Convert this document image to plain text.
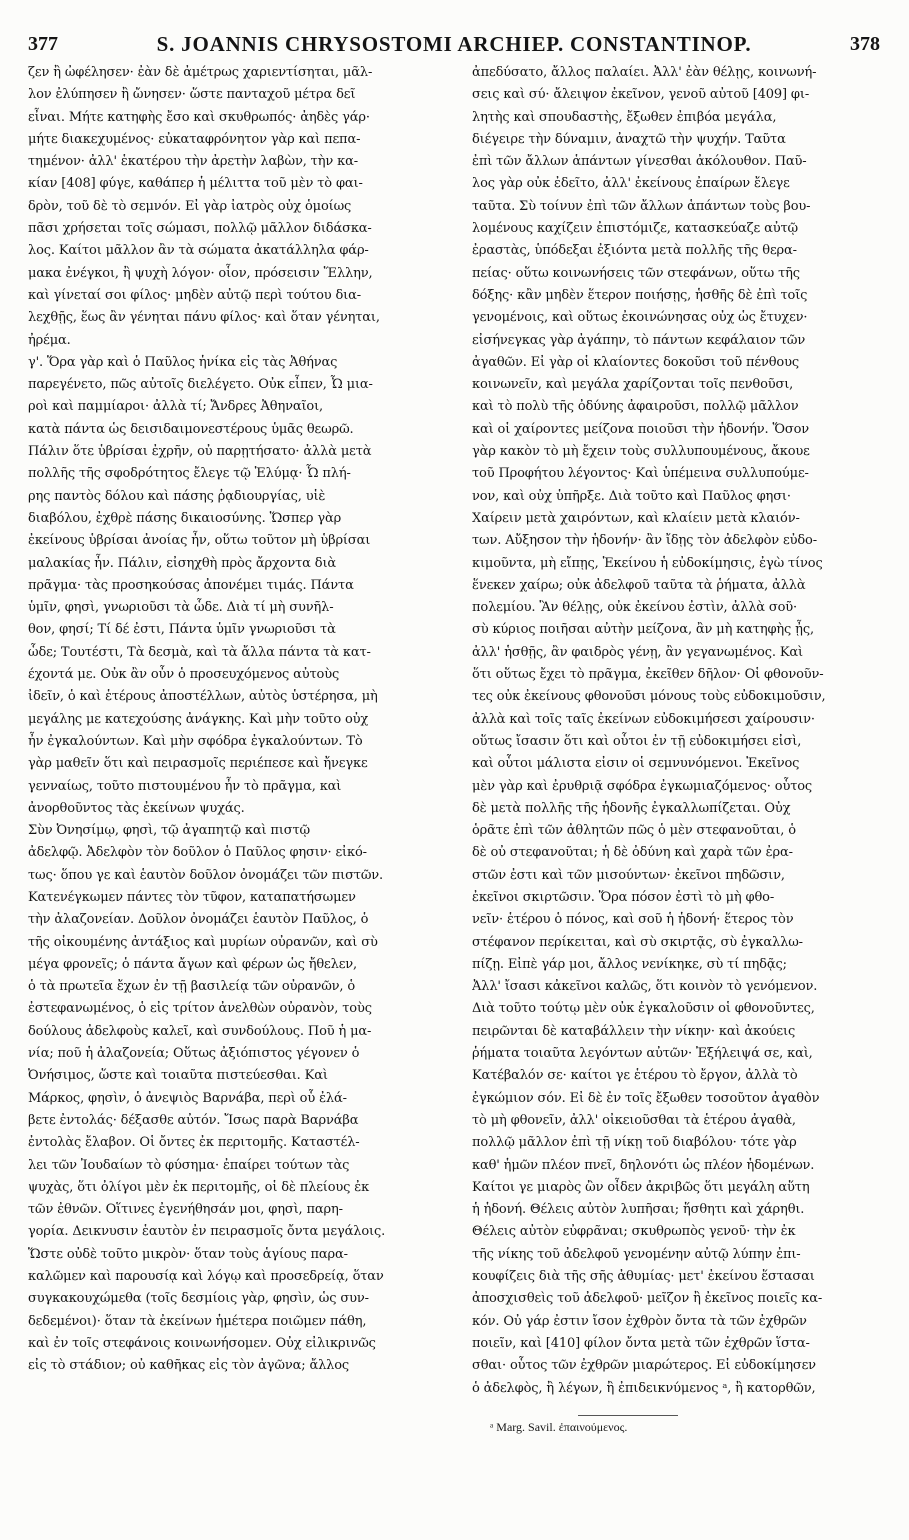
377	S. JOANNIS CHRYSOSTOMI ARCHIEP. CONSTANTINOP.	378
ζεν ἢ ὠφέλησεν· ἐὰν δὲ ἀμέτρως χαριεντίσηται, μᾶλ-
λον ἐλύπησεν ἢ ὤνησεν· ὥστε πανταχοῦ μέτρα δεῖ
εἶναι. Μήτε κατηφὴς ἔσο καὶ σκυθρωπός· ἀηδὲς γάρ·
μήτε διακεχυμένος· εὐκαταφρόνητον γὰρ καὶ πεπα-
τημένον· ἀλλ' ἑκατέρου τὴν ἀρετὴν λαβὼν, τὴν κα-
κίαν [408] φύγε, καθάπερ ἡ μέλιττα τοῦ μὲν τὸ φαι-
δρὸν, τοῦ δὲ τὸ σεμνόν. Εἰ γὰρ ἰατρὸς οὐχ ὁμοίως
πᾶσι χρήσεται τοῖς σώμασι, πολλῷ μᾶλλον διδάσκα-
λος. Καίτοι μᾶλλον ἂν τὰ σώματα ἀκατάλληλα φάρ-
μακα ἐνέγκοι, ἢ ψυχὴ λόγον· οἷον, πρόσεισιν Ἕλλην,
καὶ γίνεταί σοι φίλος· μηδὲν αὐτῷ περὶ τούτου δια-
λεχθῇς, ἕως ἂν γένηται πάνυ φίλος· καὶ ὅταν γένηται,
ἠρέμα.
γ'. Ὅρα γὰρ καὶ ὁ Παῦλος ἡνίκα εἰς τὰς Ἀθήνας
παρεγένετο, πῶς αὐτοῖς διελέγετο. Οὐκ εἶπεν, Ὦ μια-
ροὶ καὶ παμμίαροι· ἀλλὰ τί; Ἄνδρες Ἀθηναῖοι,
κατὰ πάντα ὡς δεισιδαιμονεστέρους ὑμᾶς θεωρῶ.
Πάλιν ὅτε ὑβρίσαι ἐχρῆν, οὐ παρῃτήσατο· ἀλλὰ μετὰ
πολλῆς τῆς σφοδρότητος ἔλεγε τῷ Ἐλύμᾳ· Ὦ πλή-
ρης παντὸς δόλου καὶ πάσης ῥᾳδιουργίας, υἱὲ
διαβόλου, ἐχθρὲ πάσης δικαιοσύνης. Ὥσπερ γὰρ
ἐκείνους ὑβρίσαι ἀνοίας ἦν, οὕτω τοῦτον μὴ ὑβρίσαι
μαλακίας ἦν. Πάλιν, εἰσηχθὴ πρὸς ἄρχοντα διὰ
πρᾶγμα· τὰς προσηκούσας ἀπονέμει τιμάς. Πάντα
ὑμῖν, φησὶ, γνωριοῦσι τὰ ὧδε. Διὰ τί μὴ συνῆλ-
θον, φησί; Τί δέ ἐστι, Πάντα ὑμῖν γνωριοῦσι τὰ
ὧδε; Τουτέστι, Τὰ δεσμὰ, καὶ τὰ ἄλλα πάντα τὰ κατ-
έχοντά με. Οὐκ ἂν οὖν ὁ προσευχόμενος αὐτοὺς
ἰδεῖν, ὁ καὶ ἑτέρους ἀποστέλλων, αὐτὸς ὑστέρησα, μὴ
μεγάλης με κατεχούσης ἀνάγκης. Καὶ μὴν τοῦτο οὐχ
ἦν ἐγκαλούντων. Καὶ μὴν σφόδρα ἐγκαλούντων. Τὸ
γὰρ μαθεῖν ὅτι καὶ πειρασμοῖς περιέπεσε καὶ ἤνεγκε
γενναίως, τοῦτο πιστουμένου ἦν τὸ πρᾶγμα, καὶ
ἀνορθοῦντος τὰς ἐκείνων ψυχάς.
Σὺν Ὀνησίμῳ, φησὶ, τῷ ἀγαπητῷ καὶ πιστῷ
ἀδελφῷ. Ἀδελφὸν τὸν δοῦλον ὁ Παῦλος φησιν· εἰκό-
τως· ὅπου γε καὶ ἑαυτὸν δοῦλον ὀνομάζει τῶν πιστῶν.
Κατενέγκωμεν πάντες τὸν τῦφον, καταπατήσωμεν
τὴν ἀλαζονείαν. Δοῦλον ὀνομάζει ἑαυτὸν Παῦλος, ὁ
τῆς οἰκουμένης ἀντάξιος καὶ μυρίων οὐρανῶν, καὶ σὺ
μέγα φρονεῖς; ὁ πάντα ἄγων καὶ φέρων ὡς ἤθελεν,
ὁ τὰ πρωτεῖα ἔχων ἐν τῇ βασιλείᾳ τῶν οὐρανῶν, ὁ
ἐστεφανωμένος, ὁ εἰς τρίτον ἀνελθὼν οὐρανὸν, τοὺς
δούλους ἀδελφοὺς καλεῖ, καὶ συνδούλους. Ποῦ ἡ μα-
νία; ποῦ ἡ ἀλαζονεία; Οὕτως ἀξιόπιστος γέγονεν ὁ
Ὀνήσιμος, ὥστε καὶ τοιαῦτα πιστεύεσθαι. Καὶ
Μάρκος, φησὶν, ὁ ἀνεψιὸς Βαρνάβα, περὶ οὗ ἐλά-
βετε ἐντολάς· δέξασθε αὐτόν. Ἴσως παρὰ Βαρνάβα
ἐντολὰς ἔλαβον. Οἱ ὄντες ἐκ περιτομῆς. Καταστέλ-
λει τῶν Ἰουδαίων τὸ φύσημα· ἐπαίρει τούτων τὰς
ψυχὰς, ὅτι ὀλίγοι μὲν ἐκ περιτομῆς, οἱ δὲ πλείους ἐκ
τῶν ἐθνῶν. Οἵτινες ἐγενήθησάν μοι, φησὶ, παρη-
γορία. Δεικνυσιν ἑαυτὸν ἐν πειρασμοῖς ὄντα μεγάλοις.
Ὥστε οὐδὲ τοῦτο μικρὸν· ὅταν τοὺς ἁγίους παρα-
καλῶμεν καὶ παρουσίᾳ καὶ λόγῳ καὶ προσεδρείᾳ, ὅταν
συγκακουχώμεθα (τοῖς δεσμίοις γὰρ, φησὶν, ὡς συν-
δεδεμένοι)· ὅταν τὰ ἐκείνων ἡμέτερα ποιῶμεν πάθη,
καὶ ἐν τοῖς στεφάνοις κοινωνήσομεν. Οὐχ εἰλικρινῶς
εἰς τὸ στάδιον; οὐ καθῆκας εἰς τὸν ἀγῶνα; ἄλλος
ἀπεδύσατο, ἄλλος παλαίει. Ἀλλ' ἐὰν θέλῃς, κοινωνή-
σεις καὶ σύ· ἄλειψον ἐκεῖνον, γενοῦ αὐτοῦ [409] φι-
λητὴς καὶ σπουδαστὴς, ἔξωθεν ἐπιβόα μεγάλα,
διέγειρε τὴν δύναμιν, ἀναχτῶ τὴν ψυχήν. Ταῦτα
ἐπὶ τῶν ἄλλων ἁπάντων γίνεσθαι ἀκόλουθον. Παῦ-
λος γὰρ οὐκ ἐδεῖτο, ἀλλ' ἐκείνους ἐπαίρων ἔλεγε
ταῦτα. Σὺ τοίνυν ἐπὶ τῶν ἄλλων ἁπάντων τοὺς βου-
λομένους καχίζειν ἐπιστόμιζε, κατασκεύαζε αὐτῷ
ἐραστὰς, ὑπόδεξαι ἐξιόντα μετὰ πολλῆς τῆς θερα-
πείας· οὕτω κοινωνήσεις τῶν στεφάνων, οὕτω τῆς
δόξης· κἂν μηδὲν ἕτερον ποιήσῃς, ἡσθῆς δὲ ἐπὶ τοῖς
γενομένοις, καὶ οὕτως ἐκοινώνησας οὐχ ὡς ἔτυχεν·
εἰσήνεγκας γὰρ ἀγάπην, τὸ πάντων κεφάλαιον τῶν
ἀγαθῶν. Εἰ γὰρ οἱ κλαίοντες δοκοῦσι τοῦ πένθους
κοινωνεῖν, καὶ μεγάλα χαρίζονται τοῖς πενθοῦσι,
καὶ τὸ πολὺ τῆς ὀδύνης ἀφαιροῦσι, πολλῷ μᾶλλον
καὶ οἱ χαίροντες μείζονα ποιοῦσι τὴν ἡδονήν. Ὅσον
γὰρ κακὸν τὸ μὴ ἔχειν τοὺς συλλυπουμένους, ἄκουε
τοῦ Προφήτου λέγοντος· Καὶ ὑπέμεινα συλλυπούμε-
νον, καὶ οὐχ ὑπῆρξε. Διὰ τοῦτο καὶ Παῦλος φησι·
Χαίρειν μετὰ χαιρόντων, καὶ κλαίειν μετὰ κλαιόν-
των. Αὔξησον τὴν ἡδονήν· ἂν ἴδῃς τὸν ἀδελφὸν εὐδο-
κιμοῦντα, μὴ εἴπῃς, Ἐκείνου ἡ εὐδοκίμησις, ἐγὼ τίνος
ἕνεκεν χαίρω; οὐκ ἀδελφοῦ ταῦτα τὰ ῥήματα, ἀλλὰ
πολεμίου. Ἂν θέλῃς, οὐκ ἐκείνου ἐστὶν, ἀλλὰ σοῦ·
σὺ κύριος ποιῆσαι αὐτὴν μείζονα, ἂν μὴ κατηφὴς ᾖς,
ἀλλ' ἡσθῇς, ἂν φαιδρὸς γένῃ, ἂν γεγανωμένος. Καὶ
ὅτι οὕτως ἔχει τὸ πρᾶγμα, ἐκεῖθεν δῆλον· Οἱ φθονοῦν-
τες οὐκ ἐκείνους φθονοῦσι μόνους τοὺς εὐδοκιμοῦσιν,
ἀλλὰ καὶ τοῖς ταῖς ἐκείνων εὐδοκιμήσεσι χαίρουσιν·
οὕτως ἴσασιν ὅτι καὶ οὗτοι ἐν τῇ εὐδοκιμήσει εἰσὶ,
καὶ οὗτοι μάλιστα εἰσιν οἱ σεμνυνόμενοι. Ἐκεῖνος
μὲν γὰρ καὶ ἐρυθριᾷ σφόδρα ἐγκωμιαζόμενος· οὗτος
δὲ μετὰ πολλῆς τῆς ἡδονῆς ἐγκαλλωπίζεται. Οὐχ
ὁρᾶτε ἐπὶ τῶν ἀθλητῶν πῶς ὁ μὲν στεφανοῦται, ὁ
δὲ οὐ στεφανοῦται; ἡ δὲ ὀδύνη καὶ χαρὰ τῶν ἐρα-
στῶν ἐστι καὶ τῶν μισούντων· ἐκεῖνοι πηδῶσιν,
ἐκεῖνοι σκιρτῶσιν. Ὅρα πόσον ἐστὶ τὸ μὴ φθο-
νεῖν· ἑτέρου ὁ πόνος, καὶ σοῦ ἡ ἡδονή· ἕτερος τὸν
στέφανον περίκειται, καὶ σὺ σκιρτᾷς, σὺ ἐγκαλλω-
πίζῃ. Εἰπὲ γάρ μοι, ἄλλος νενίκηκε, σὺ τί πηδᾷς;
Ἀλλ' ἴσασι κἀκεῖνοι καλῶς, ὅτι κοινὸν τὸ γενόμενον.
Διὰ τοῦτο τούτῳ μὲν οὐκ ἐγκαλοῦσιν οἱ φθονοῦντες,
πειρῶνται δὲ καταβάλλειν τὴν νίκην· καὶ ἀκούεις
ῥήματα τοιαῦτα λεγόντων αὐτῶν· Ἐξήλειψά σε, καὶ,
Κατέβαλόν σε· καίτοι γε ἑτέρου τὸ ἔργον, ἀλλὰ τὸ
ἐγκώμιον σόν. Εἰ δὲ ἐν τοῖς ἔξωθεν τοσοῦτον ἀγαθὸν
τὸ μὴ φθονεῖν, ἀλλ' οἰκειοῦσθαι τὰ ἑτέρου ἀγαθὰ,
πολλῷ μᾶλλον ἐπὶ τῇ νίκῃ τοῦ διαβόλου· τότε γὰρ
καθ' ἡμῶν πλέον πνεῖ, δηλονότι ὡς πλέον ἡδομένων.
Καίτοι γε μιαρὸς ὢν οἶδεν ἀκριβῶς ὅτι μεγάλη αὕτη
ἡ ἡδονή. Θέλεις αὐτὸν λυπῆσαι; ἥσθητι καὶ χάρηθι.
Θέλεις αὐτὸν εὐφρᾶναι; σκυθρωπὸς γενοῦ· τὴν ἐκ
τῆς νίκης τοῦ ἀδελφοῦ γενομένην αὐτῷ λύπην ἐπι-
κουφίζεις διὰ τῆς σῆς ἀθυμίας· μετ' ἐκείνου ἕστασαι
ἀποσχισθεὶς τοῦ ἀδελφοῦ· μεῖζον ἢ ἐκεῖνος ποιεῖς κα-
κόν. Οὐ γάρ ἐστιν ἴσον ἐχθρὸν ὄντα τὰ τῶν ἐχθρῶν
ποιεῖν, καὶ [410] φίλον ὄντα μετὰ τῶν ἐχθρῶν ἵστα-
σθαι· οὗτος τῶν ἐχθρῶν μιαρώτερος. Εἰ εὐδοκίμησεν
ὁ ἀδελφὸς, ἢ λέγων, ἢ ἐπιδεικνύμενος ᵃ, ἢ κατορθῶν,
ᵃ Marg. Savil. ἐπαινούμενος.
